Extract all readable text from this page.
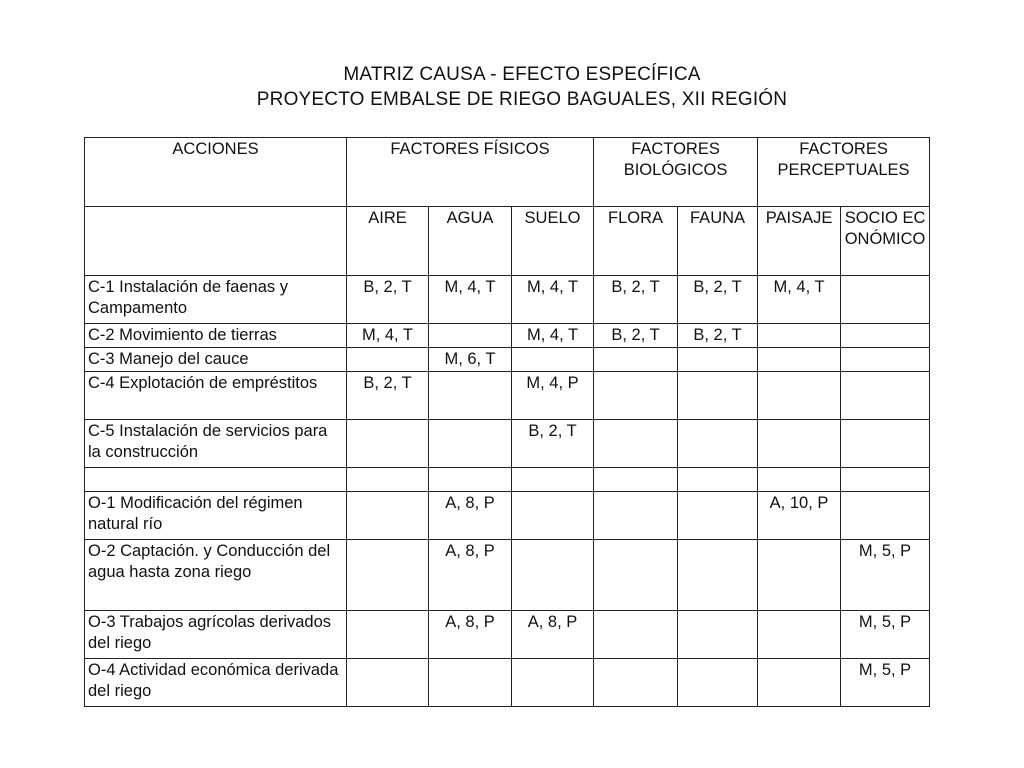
MATRIZ CAUSA - EFECTO ESPECÍFICA
PROYECTO EMBALSE DE RIEGO BAGUALES, XII REGIÓN
ACCIONES	FACTORES FÍSICOS			FACTORES BIOLÓGICOS		FACTORES PERCEPTUALES	
	AIRE	AGUA	SUELO	FLORA	FAUNA	PAISAJE	SOCIO ECONÓMICO
C-1 Instalación de faenas y Campamento	B, 2, T	M, 4, T	M, 4, T	B, 2, T	B, 2, T	M, 4, T	
C-2 Movimiento de tierras	M, 4, T		M, 4, T	B, 2, T	B, 2, T		
C-3 Manejo del cauce		M, 6, T					
C-4 Explotación de empréstitos	B, 2, T		M, 4, P				
C-5 Instalación de servicios para la construcción			B, 2, T				

O-1 Modificación del régimen natural río		A, 8, P				A, 10, P	
O-2 Captación. y Conducción del agua hasta zona riego		A, 8, P					M, 5, P
O-3 Trabajos agrícolas derivados del riego		A, 8, P	A, 8, P				M, 5, P
O-4 Actividad económica derivada del riego							M, 5, P
